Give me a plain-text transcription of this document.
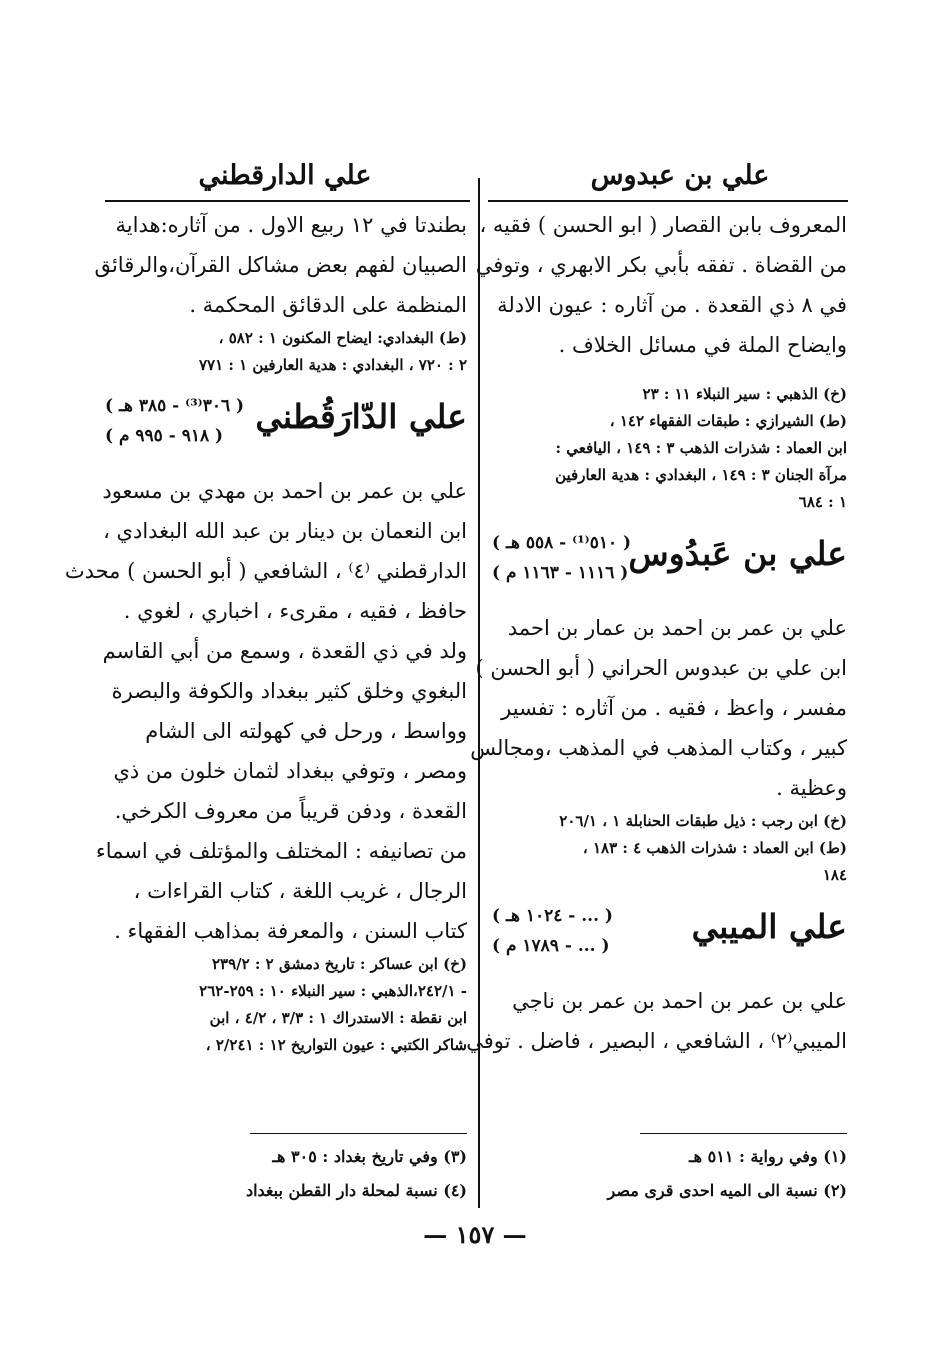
علي بن عبدوس
علي الدارقطني
المعروف بابن القصار ( ابو الحسن ) فقيه ،
من القضاة . تفقه بأبي بكر الابهري ، وتوفي
في ٨ ذي القعدة . من آثاره : عيون الادلة
وايضاح الملة في مسائل الخلاف .
(خ) الذهبي : سير النبلاء ١١ : ٢٣
(ط) الشيرازي : طبقات الفقهاء ١٤٢ ،
ابن العماد : شذرات الذهب ٣ : ١٤٩ ، اليافعي :
مرآة الجنان ٣ : ١٤٩ ، البغدادي : هدية العارفين
١ : ٦٨٤
علي بن عَبدُوس
( ٥١٠⁽¹⁾ - ٥٥٨ هـ )
( ١١١٦ - ١١٦٣ م )
علي بن عمر بن احمد بن عمار بن احمد
ابن علي بن عبدوس الحراني ( أبو الحسن )
مفسر ، واعظ ، فقيه . من آثاره : تفسير
كبير ، وكتاب المذهب في المذهب ،ومجالس
وعظية .
(خ) ابن رجب : ذيل طبقات الحنابلة ١ ، ٢٠٦/١
(ط) ابن العماد : شذرات الذهب ٤ : ١٨٣ ،
١٨٤
علي الميبي
( ... - ١٠٢٤ هـ )
( ... - ١٧٨٩ م )
علي بن عمر بن احمد بن عمر بن ناجي
الميبي⁽٢⁾ ، الشافعي ، البصير ، فاضل . توفي
بطندتا في ١٢ ربيع الاول . من آثاره:هداية
الصبيان لفهم بعض مشاكل القرآن،والرقائق
المنظمة على الدقائق المحكمة .
(ط) البغدادي: ايضاح المكنون ١ : ٥٨٢ ،
٢ : ٧٢٠ ، البغدادي : هدية العارفين ١ : ٧٧١
علي الدّارَقُطني
( ٣٠٦⁽³⁾ - ٣٨٥ هـ )
( ٩١٨ - ٩٩٥ م )
علي بن عمر بن احمد بن مهدي بن مسعود
ابن النعمان بن دينار بن عبد الله البغدادي ،
الدارقطني ⁽٤⁾ ، الشافعي ( أبو الحسن ) محدث
حافظ ، فقيه ، مقرىء ، اخباري ، لغوي .
ولد في ذي القعدة ، وسمع من أبي القاسم
البغوي وخلق كثير ببغداد والكوفة والبصرة
وواسط ، ورحل في كهولته الى الشام
ومصر ، وتوفي ببغداد لثمان خلون من ذي
القعدة ، ودفن قريباً من معروف الكرخي.
من تصانيفه : المختلف والمؤتلف في اسماء
الرجال ، غريب اللغة ، كتاب القراءات ،
كتاب السنن ، والمعرفة بمذاهب الفقهاء .
(خ) ابن عساكر : تاريخ دمشق ٢ : ٢٣٩/٢
- ٢٤٢/١،الذهبي : سير النبلاء ١٠ : ٢٥٩-٢٦٢
ابن نقطة : الاستدراك ١ : ٣/٣ ، ٤/٢ ، ابن
شاكر الكتبي : عيون التواريخ ١٢ : ٢/٢٤١ ،
(١) وفي رواية : ٥١١ هـ
(٢) نسبة الى الميه احدى قرى مصر
(٣) وفي تاريخ بغداد : ٣٠٥ هـ
(٤) نسبة لمحلة دار القطن ببغداد
— ١٥٧ —
